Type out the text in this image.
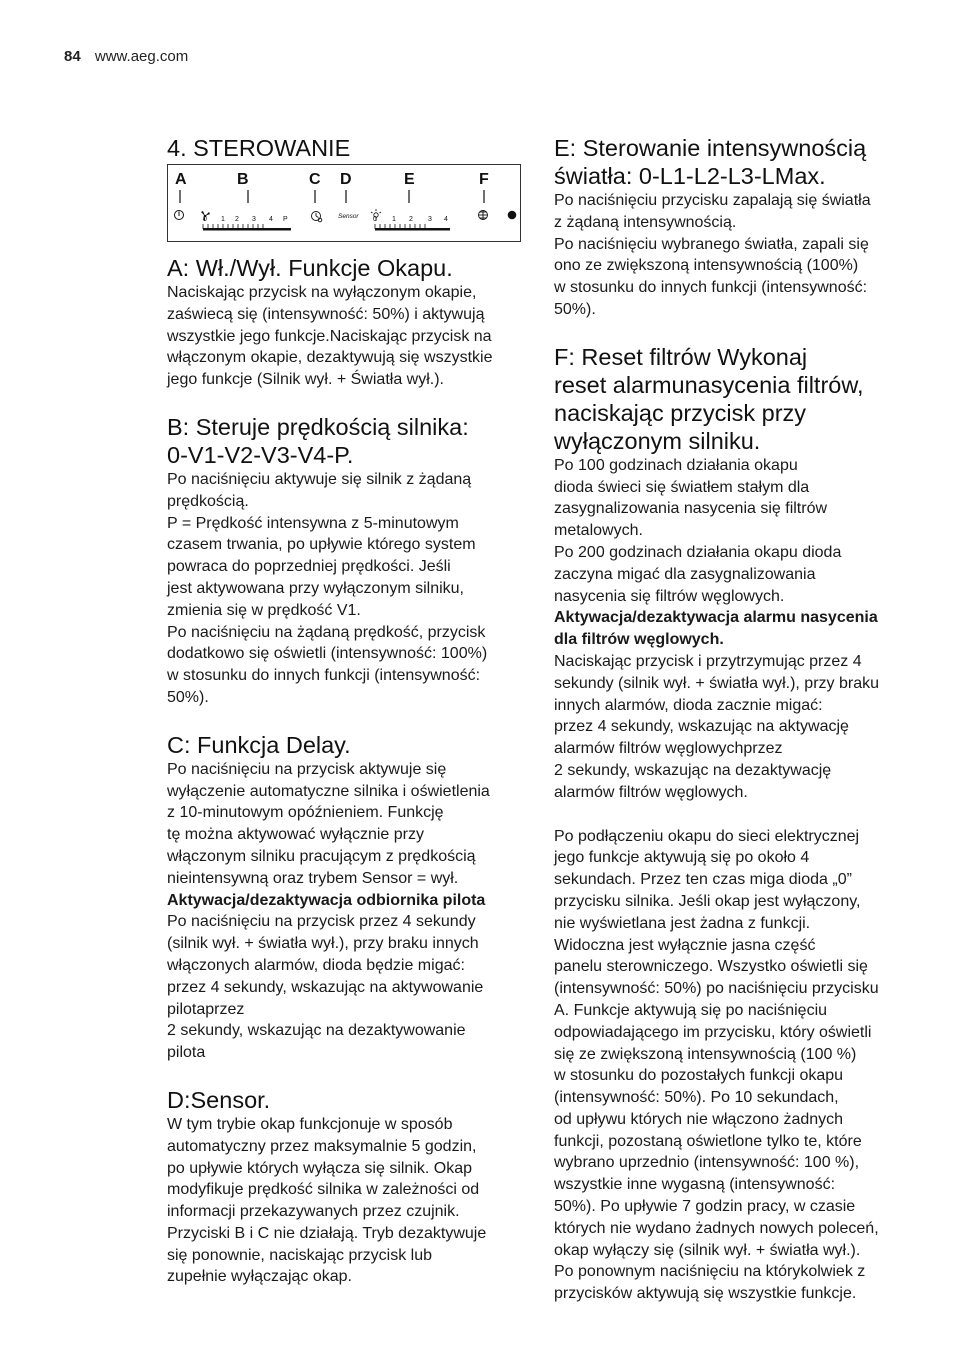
84 www.aeg.com
4. STEROWANIE
A	B	C D	E	F
0 1 2 3 4 P	Sensor 0 1 2 3 4
A: Wł./Wył. Funkcje Okapu.

Naciskając przycisk na wyłączonym okapie,
zaświecą się (intensywność: 50%) i aktywują
wszystkie jego funkcje.Naciskając przycisk na
włączonym okapie, dezaktywują się wszystkie
jego funkcje (Silnik wył. + Światła wył.).

B: Steruje prędkością silnika:
0-V1-V2-V3-V4-P.

Po naciśnięciu aktywuje się silnik z żądaną
prędkością.
P = Prędkość intensywna z 5-minutowym
czasem trwania, po upływie którego system
powraca do poprzedniej prędkości. Jeśli
jest aktywowana przy wyłączonym silniku,
zmienia się w prędkość V1.
Po naciśnięciu na żądaną prędkość, przycisk
dodatkowo się oświetli (intensywność: 100%)
w stosunku do innych funkcji (intensywność:
50%).

C: Funkcja Delay.

Po naciśnięciu na przycisk aktywuje się
wyłączenie automatyczne silnika i oświetlenia
z 10-minutowym opóźnieniem. Funkcję
tę można aktywować wyłącznie przy
włączonym silniku pracującym z prędkością
nieintensywną oraz trybem Sensor = wył.

Aktywacja/dezaktywacja odbiornika pilota

Po naciśnięciu na przycisk przez 4 sekundy
(silnik wył. + światła wył.), przy braku innych
włączonych alarmów, dioda będzie migać:
przez 4 sekundy, wskazując na aktywowanie
pilotaprzez
2 sekundy, wskazując na dezaktywowanie
pilota

D:Sensor.

W tym trybie okap funkcjonuje w sposób
automatyczny przez maksymalnie 5 godzin,
po upływie których wyłącza się silnik. Okap
modyfikuje prędkość silnika w zależności od
informacji przekazywanych przez czujnik.
Przyciski B i C nie działają. Tryb dezaktywuje
się ponownie, naciskając przycisk lub
zupełnie wyłączając okap.

E: Sterowanie intensywnością
światła: 0-L1-L2-L3-LMax.

Po naciśnięciu przycisku zapalają się światła
z żądaną intensywnością.
Po naciśnięciu wybranego światła, zapali się
ono ze zwiększoną intensywnością (100%)
w stosunku do innych funkcji (intensywność:
50%).

F: Reset filtrów Wykonaj
reset alarmunasycenia filtrów,
naciskając przycisk przy
wyłączonym silniku.

Po 100 godzinach działania okapu
dioda świeci się światłem stałym dla
zasygnalizowania nasycenia się filtrów
metalowych.
Po 200 godzinach działania okapu dioda
zaczyna migać dla zasygnalizowania
nasycenia się filtrów węglowych.

Aktywacja/dezaktywacja alarmu nasycenia
dla filtrów węglowych.

Naciskając przycisk i przytrzymując przez 4
sekundy (silnik wył. + światła wył.), przy braku
innych alarmów, dioda zacznie migać:
przez 4 sekundy, wskazując na aktywację
alarmów filtrów węglowychprzez
2 sekundy, wskazując na dezaktywację
alarmów filtrów węglowych.

Po podłączeniu okapu do sieci elektrycznej
jego funkcje aktywują się po około 4
sekundach. Przez ten czas miga dioda „0”
przycisku silnika. Jeśli okap jest wyłączony,
nie wyświetlana jest żadna z funkcji.
Widoczna jest wyłącznie jasna część
panelu sterowniczego. Wszystko oświetli się
(intensywność: 50%) po naciśnięciu przycisku
A. Funkcje aktywują się po naciśnięciu
odpowiadającego im przycisku, który oświetli
się ze zwiększoną intensywnością (100 %)
w stosunku do pozostałych funkcji okapu
(intensywność: 50%). Po 10 sekundach,
od upływu których nie włączono żadnych
funkcji, pozostaną oświetlone tylko te, które
wybrano uprzednio (intensywność: 100 %),
wszystkie inne wygasną (intensywność:
50%). Po upływie 7 godzin pracy, w czasie
których nie wydano żadnych nowych poleceń,
okap wyłączy się (silnik wył. + światła wył.).
Po ponownym naciśnięciu na którykolwiek z
przycisków aktywują się wszystkie funkcje.
